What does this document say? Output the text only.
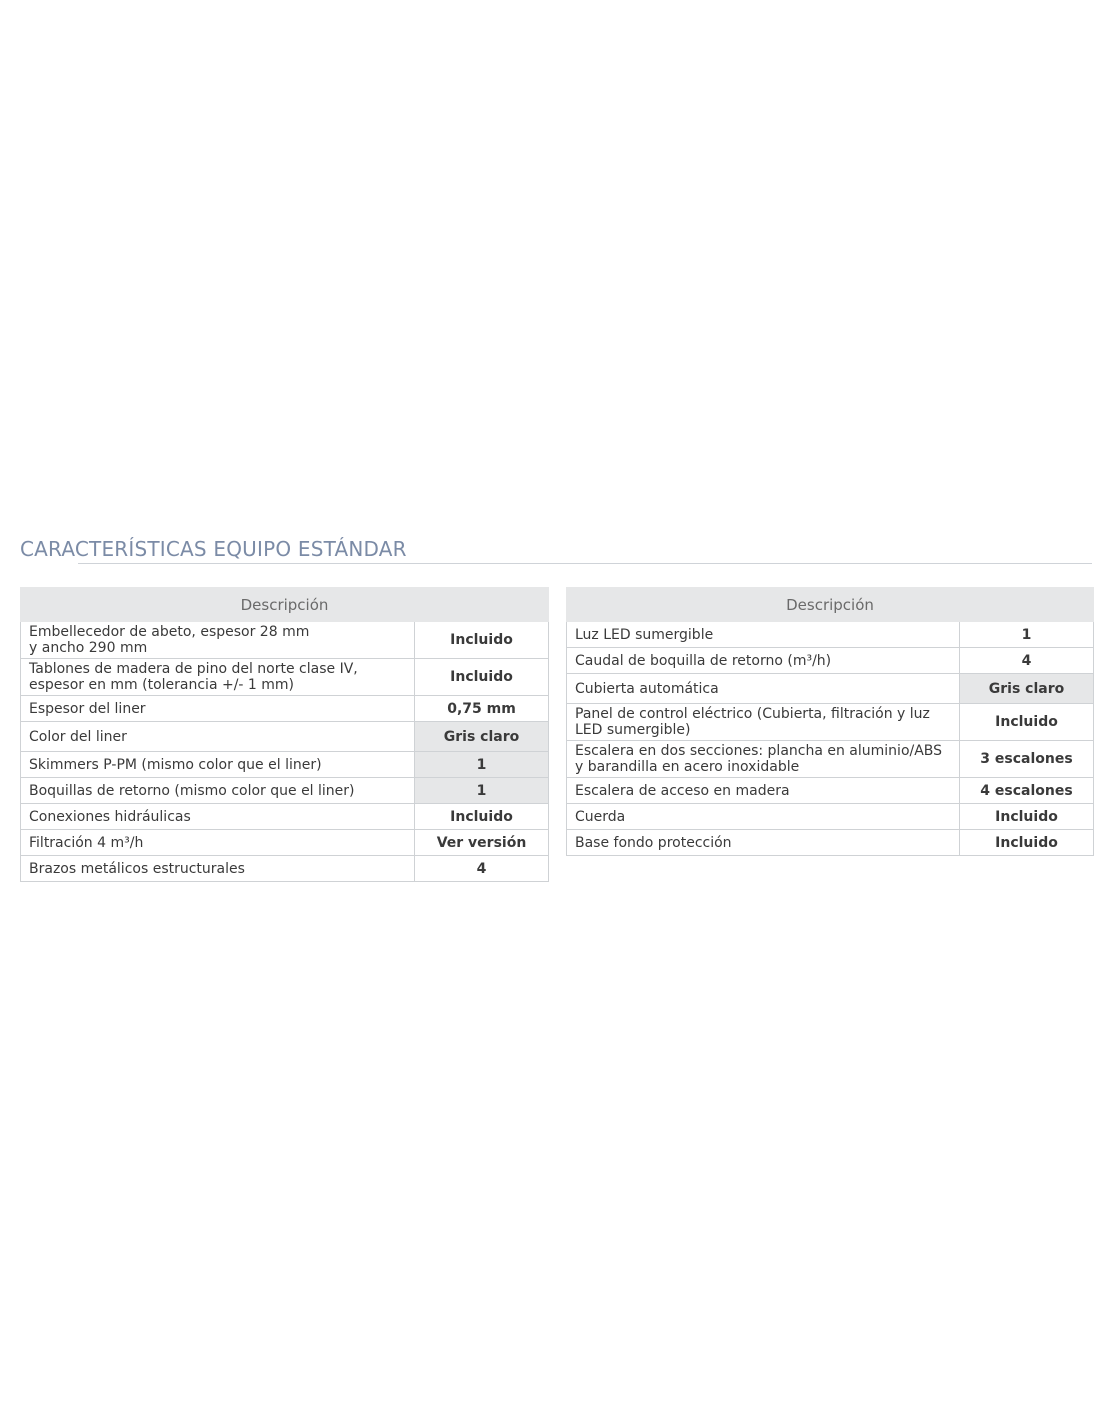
CARACTERÍSTICAS EQUIPO ESTÁNDAR
Descripción	
Embellecedor de abeto, espesor 28 mm
y ancho 290 mm	Incluido
Tablones de madera de pino del norte clase IV,
espesor en mm (tolerancia +/- 1 mm)	Incluido
Espesor del liner	0,75 mm
Color del liner	Gris claro
Skimmers P-PM (mismo color que el liner)	1
Boquillas de retorno (mismo color que el liner)	1
Conexiones hidráulicas	Incluido
Filtración 4 m³/h	Ver versión
Brazos metálicos estructurales	4
Descripción	
Luz LED sumergible	1
Caudal de boquilla de retorno (m³/h)	4
Cubierta automática	Gris claro
Panel de control eléctrico (Cubierta, filtración y luz
LED sumergible)	Incluido
Escalera en dos secciones: plancha en aluminio/ABS
y barandilla en acero inoxidable	3 escalones
Escalera de acceso en madera	4 escalones
Cuerda	Incluido
Base fondo protección	Incluido
